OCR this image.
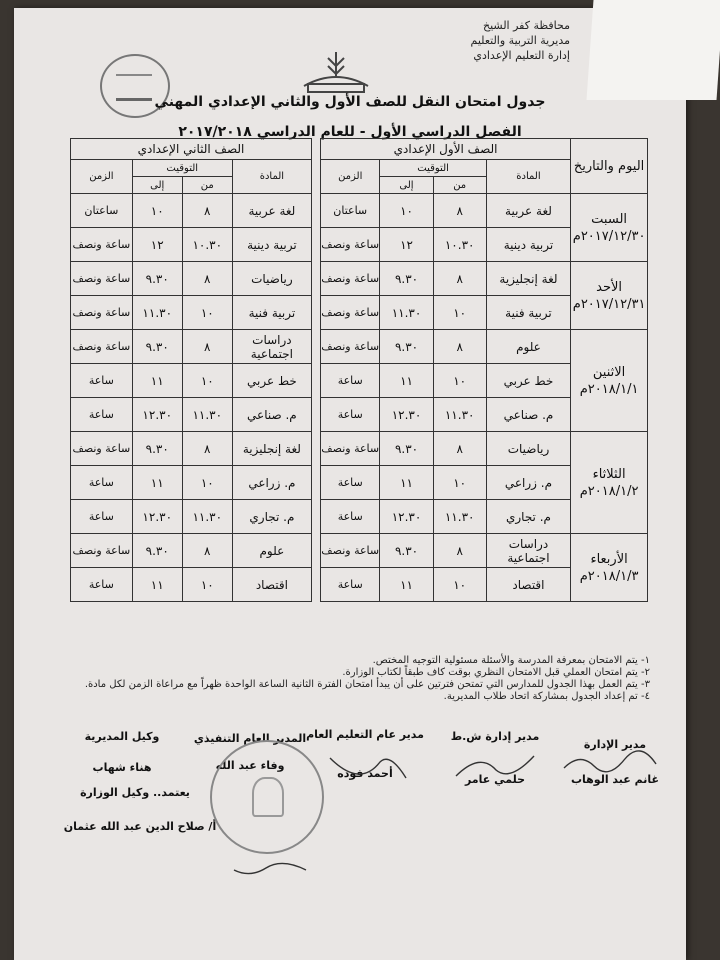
محافظة كفر الشيخ
مديرية التربية والتعليم
إدارة التعليم الإعدادي
جدول امتحان النقل للصف الأول والثاني الإعدادي المهني
الفصل الدراسي الأول - للعام الدراسي ٢٠١٧/٢٠١٨
اليوم والتاريخ	الصف الأول الإعدادي			
	المادة	التوقيت		الزمن
		من	إلى	

السبت
٢٠١٧/١٢/٣٠م	لغة عربية	٨	١٠	ساعتان
	تربية دينية	١٠.٣٠	١٢	ساعة ونصف

الأحد
٢٠١٧/١٢/٣١م	لغة إنجليزية	٨	٩.٣٠	ساعة ونصف
	تربية فنية	١٠	١١.٣٠	ساعة ونصف

الاثنين
٢٠١٨/١/١م	علوم	٨	٩.٣٠	ساعة ونصف
	خط عربي	١٠	١١	ساعة
	م. صناعي	١١.٣٠	١٢.٣٠	ساعة

الثلاثاء
٢٠١٨/١/٢م	رياضيات	٨	٩.٣٠	ساعة ونصف
	م. زراعي	١٠	١١	ساعة
	م. تجاري	١١.٣٠	١٢.٣٠	ساعة

الأربعاء
٢٠١٨/١/٣م	دراسات اجتماعية	٨	٩.٣٠	ساعة ونصف
	اقتصاد	١٠	١١	ساعة
الصف الثاني الإعدادي			
المادة	التوقيت		الزمن
	من	إلى	
لغة عربية	٨	١٠	ساعتان
تربية دينية	١٠.٣٠	١٢	ساعة ونصف
رياضيات	٨	٩.٣٠	ساعة ونصف
تربية فنية	١٠	١١.٣٠	ساعة ونصف
دراسات اجتماعية	٨	٩.٣٠	ساعة ونصف
خط عربي	١٠	١١	ساعة
م. صناعي	١١.٣٠	١٢.٣٠	ساعة
لغة إنجليزية	٨	٩.٣٠	ساعة ونصف
م. زراعي	١٠	١١	ساعة
م. تجاري	١١.٣٠	١٢.٣٠	ساعة
علوم	٨	٩.٣٠	ساعة ونصف
اقتصاد	١٠	١١	ساعة
١- يتم الامتحان بمعرفة المدرسة والأسئلة مسئولية التوجيه المختص.
٢- يتم امتحان العملي قبل الامتحان النظري بوقت كاف طبقاً لكتاب الوزارة.
٣- يتم العمل بهذا الجدول للمدارس التي تمتحن فترتين على أن يبدأ امتحان الفترة الثانية الساعة الواحدة ظهراً مع مراعاة الزمن لكل مادة.
٤- تم إعداد الجدول بمشاركة اتحاد طلاب المديرية.
مدير الإدارة
غانم عبد الوهاب
مدير إدارة ش.ط
حلمي عامر
مدير عام التعليم العام
أحمد فوده
المدير العام التنفيذي
وفاء عبد الله
وكيل المديرية
هناء شهاب
يعتمد.. وكيل الوزارة
أ/ صلاح الدين عبد الله عثمان
